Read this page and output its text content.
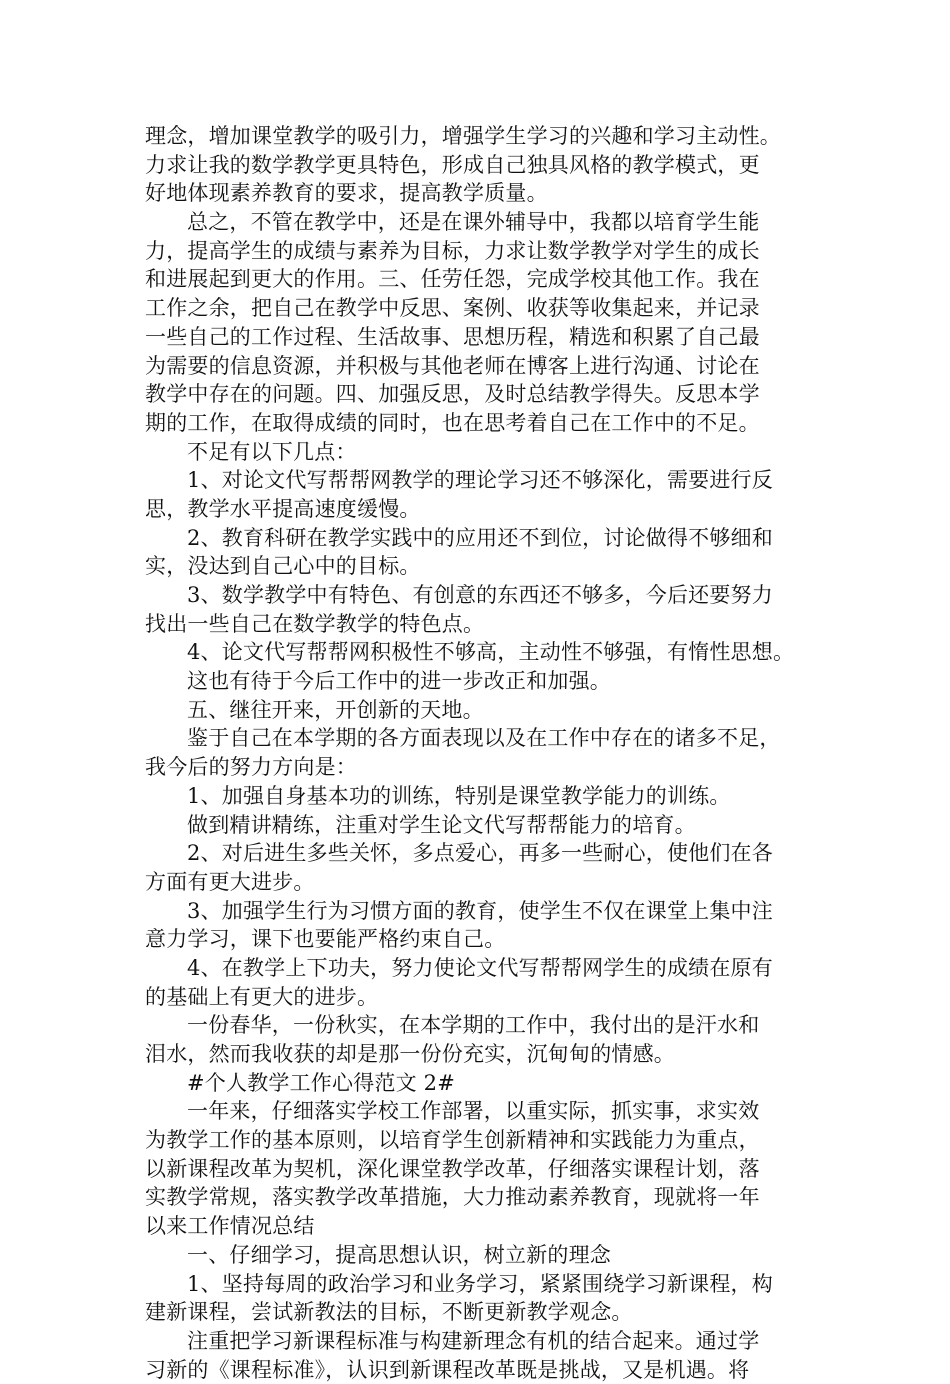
理念，增加课堂教学的吸引力，增强学生学习的兴趣和学习主动性。
力求让我的数学教学更具特色，形成自己独具风格的教学模式，更
好地体现素养教育的要求，提高教学质量。
总之，不管在教学中，还是在课外辅导中，我都以培育学生能
力，提高学生的成绩与素养为目标，力求让数学教学对学生的成长
和进展起到更大的作用。三、任劳任怨，完成学校其他工作。我在
工作之余，把自己在教学中反思、案例、收获等收集起来，并记录
一些自己的工作过程、生活故事、思想历程，精选和积累了自己最
为需要的信息资源，并积极与其他老师在博客上进行沟通、讨论在
教学中存在的问题。四、加强反思，及时总结教学得失。反思本学
期的工作，在取得成绩的同时，也在思考着自己在工作中的不足。
不足有以下几点：
1、对论文代写帮帮网教学的理论学习还不够深化，需要进行反
思，教学水平提高速度缓慢。
2、教育科研在教学实践中的应用还不到位，讨论做得不够细和
实，没达到自己心中的目标。
3、数学教学中有特色、有创意的东西还不够多，今后还要努力
找出一些自己在数学教学的特色点。
4、论文代写帮帮网积极性不够高，主动性不够强，有惰性思想。
这也有待于今后工作中的进一步改正和加强。
五、继往开来，开创新的天地。
鉴于自己在本学期的各方面表现以及在工作中存在的诸多不足，
我今后的努力方向是：
1、加强自身基本功的训练，特别是课堂教学能力的训练。
做到精讲精练，注重对学生论文代写帮帮能力的培育。
2、对后进生多些关怀，多点爱心，再多一些耐心，使他们在各
方面有更大进步。
3、加强学生行为习惯方面的教育，使学生不仅在课堂上集中注
意力学习，课下也要能严格约束自己。
4、在教学上下功夫，努力使论文代写帮帮网学生的成绩在原有
的基础上有更大的进步。
一份春华，一份秋实，在本学期的工作中，我付出的是汗水和
泪水，然而我收获的却是那一份份充实，沉甸甸的情感。
#个人教学工作心得范文 2#
一年来，仔细落实学校工作部署，以重实际，抓实事，求实效
为教学工作的基本原则，以培育学生创新精神和实践能力为重点，
以新课程改革为契机，深化课堂教学改革，仔细落实课程计划，落
实教学常规，落实教学改革措施，大力推动素养教育，现就将一年
以来工作情况总结
一、仔细学习，提高思想认识，树立新的理念
1、坚持每周的政治学习和业务学习，紧紧围绕学习新课程，构
建新课程，尝试新教法的目标，不断更新教学观念。
注重把学习新课程标准与构建新理念有机的结合起来。通过学
习新的《课程标准》，认识到新课程改革既是挑战，又是机遇。将
